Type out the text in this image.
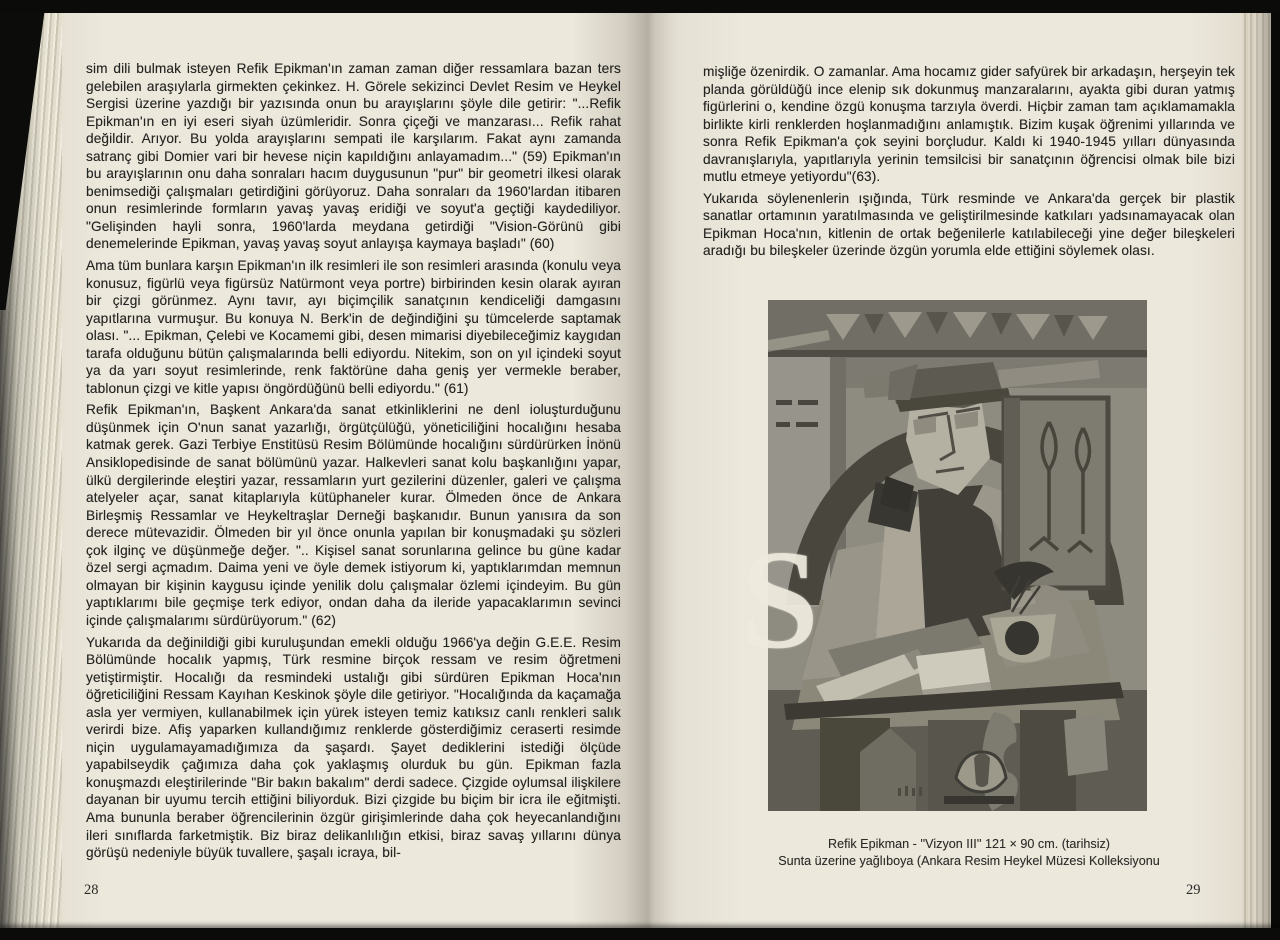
sim dili bulmak isteyen Refik Epikman'ın zaman zaman diğer ressamlara bazan ters gelebilen araşıylarla girmekten çekinkez. H. Görele sekizinci Devlet Resim ve Heykel Sergisi üzerine yazdığı bir yazısında onun bu arayışlarını şöyle dile getirir: "...Refik Epikman'ın en iyi eseri siyah üzümleridir. Sonra çiçeği ve manzarası... Refik rahat değildir. Arıyor. Bu yolda arayışlarını sempati ile karşılarım. Fakat aynı zamanda satranç gibi Domier vari bir hevese niçin kapıldığını anlayamadım..." (59) Epikman'ın bu arayışlarının onu daha sonraları hacım duygusunun "pur" bir geometri ilkesi olarak benimsediği çalışmaları getirdiğini görüyoruz. Daha sonraları da 1960'lardan itibaren onun resimlerinde formların yavaş yavaş eridiği ve soyut'a geçtiği kaydediliyor. "Gelişinden hayli sonra, 1960'larda meydana getirdiği "Vision-Görünü gibi denemelerinde Epikman, yavaş yavaş soyut anlayışa kaymaya başladı" (60)

Ama tüm bunlara karşın Epikman'ın ilk resimleri ile son resimleri arasında (konulu veya konusuz, figürlü veya figürsüz Natürmont veya portre) birbirinden kesin olarak ayıran bir çizgi görünmez. Aynı tavır, ayı biçimçilik sanatçının kendiceliği damgasını yapıtlarına vurmuşur. Bu konuya N. Berk'in de değindiğini şu tümcelerde saptamak olası. "... Epikman, Çelebi ve Kocamemi gibi, desen mimarisi diyebileceğimiz kaygıdan tarafa olduğunu bütün çalışmalarında belli ediyordu. Nitekim, son on yıl içindeki soyut ya da yarı soyut resimlerinde, renk faktörüne daha geniş yer vermekle beraber, tablonun çizgi ve kitle yapısı öngördüğünü belli ediyordu." (61)

Refik Epikman'ın, Başkent Ankara'da sanat etkinliklerini ne denl ioluşturduğunu düşünmek için O'nun sanat yazarlığı, örgütçülüğü, yöneticiliğini hocalığını hesaba katmak gerek. Gazi Terbiye Enstitüsü Resim Bölümünde hocalığını sürdürürken İnönü Ansiklopedisinde de sanat bölümünü yazar. Halkevleri sanat kolu başkanlığını yapar, ülkü dergilerinde eleştiri yazar, ressamların yurt gezilerini düzenler, galeri ve çalışma atelyeler açar, sanat kitaplarıyla kütüphaneler kurar. Ölmeden önce de Ankara Birleşmiş Ressamlar ve Heykeltraşlar Derneği başkanıdır. Bunun yanısıra da son derece mütevazidir. Ölmeden bir yıl önce onunla yapılan bir konuşmadaki şu sözleri çok ilginç ve düşünmeğe değer. ".. Kişisel sanat sorunlarına gelince bu güne kadar özel sergi açmadım. Daima yeni ve öyle demek istiyorum ki, yaptıklarımdan memnun olmayan bir kişinin kaygusu içinde yenilik dolu çalışmalar özlemi içindeyim. Bu gün yaptıklarımı bile geçmişe terk ediyor, ondan daha da ileride yapacaklarımın sevinci içinde çalışmalarımı sürdürüyorum." (62)

Yukarıda da değinildiği gibi kuruluşundan emekli olduğu 1966'ya değin G.E.E. Resim Bölümünde hocalık yapmış, Türk resmine birçok ressam ve resim öğretmeni yetiştirmiştir. Hocalığı da resmindeki ustalığı gibi sürdüren Epikman Hoca'nın öğreticiliğini Ressam Kayıhan Keskinok şöyle dile getiriyor. "Hocalığında da kaçamağa asla yer vermiyen, kullanabilmek için yürek isteyen temiz katıksız canlı renkleri salık verirdi bize. Afiş yaparken kullandığımız renklerde gösterdiğimiz ceraserti resimde niçin uygulamayamadığımıza da şaşardı. Şayet dediklerini istediği ölçüde yapabilseydik çağımıza daha çok yaklaşmış olurduk bu gün. Epikman fazla konuşmazdı eleştirilerinde "Bir bakın bakalım" derdi sadece. Çizgide oylumsal ilişkilere dayanan bir uyumu tercih ettiğini biliyorduk. Bizi çizgide bu biçim bir icra ile eğitmişti. Ama bununla beraber öğrencilerinin özgür girişimlerinde daha çok heyecanlandığını ileri sınıflarda farketmiştik. Biz biraz delikanlılığın etkisi, biraz savaş yıllarını dünya görüşü nedeniyle büyük tuvallere, şaşalı icraya, bil-

28

mişliğe özenirdik. O zamanlar. Ama hocamız gider safyürek bir arkadaşın, herşeyin tek planda görüldüğü ince elenip sık dokunmuş manzaralarını, ayakta gibi duran yatmış figürlerini o, kendine özgü konuşma tarzıyla överdi. Hiçbir zaman tam açıklamamakla birlikte kirli renklerden hoşlanmadığını anlamıştık. Bizim kuşak öğrenimi yıllarında ve sonra Refik Epikman'a çok seyini borçludur. Kaldı ki 1940-1945 yılları dünyasında davranışlarıyla, yapıtlarıyla yerinin temsilcisi bir sanatçının öğrencisi olmak bile bizi mutlu etmeye yetiyordu"(63).

Yukarıda söylenenlerin ışığında, Türk resminde ve Ankara'da gerçek bir plastik sanatlar ortamının yaratılmasında ve geliştirilmesinde katkıları yadsınamayacak olan Epikman Hoca'nın, kitlenin de ortak beğenilerle katılabileceği yine değer bileşkeleri aradığı bu bileşkeler üzerinde özgün yorumla elde ettiğini söylemek olası.

29
S
Refik Epikman - ''Vizyon III'' 121 × 90 cm. (tarihsiz)
Sunta üzerine yağlıboya (Ankara Resim Heykel Müzesi Kolleksiyonu
